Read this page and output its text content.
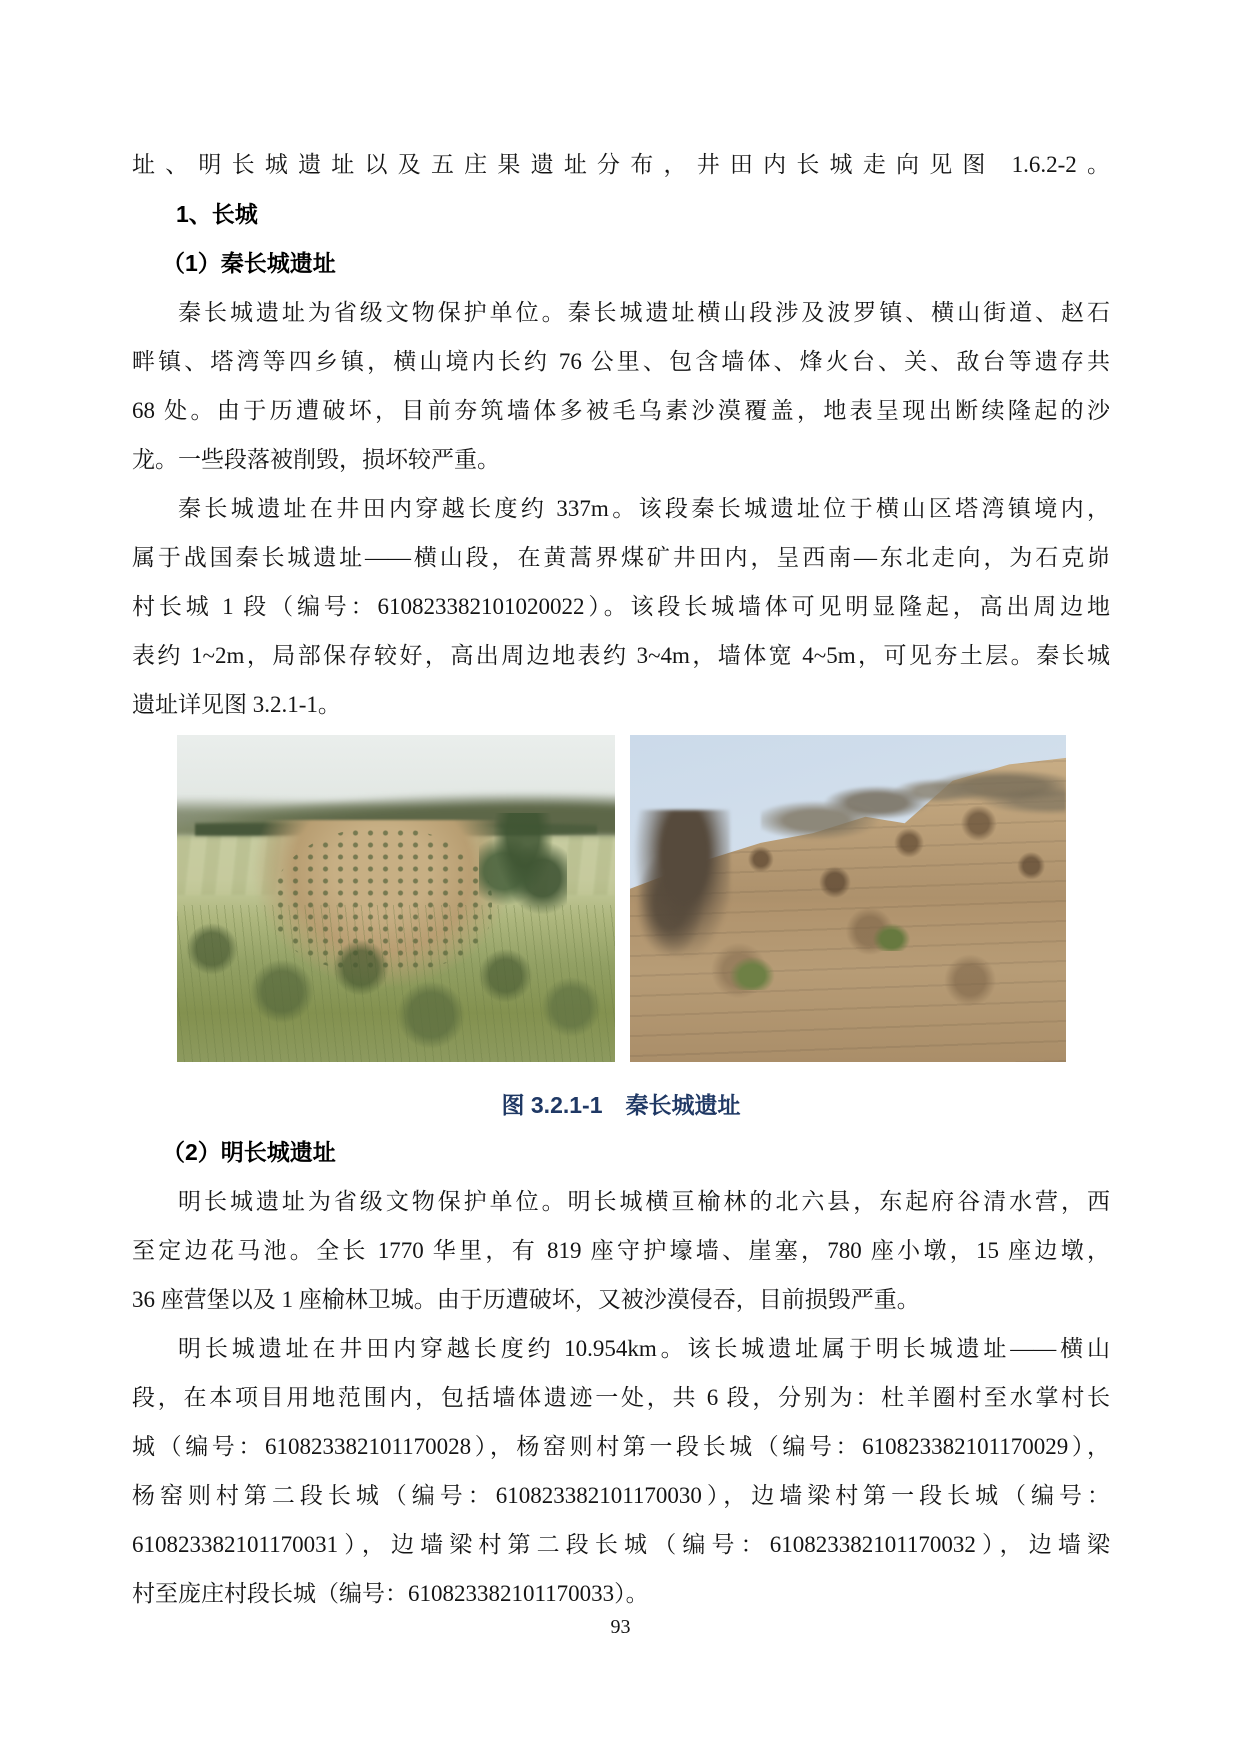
址、明长城遗址以及五庄果遗址分布，井田内长城走向见图 1.6.2-2。
1、长城
（1）秦长城遗址
秦长城遗址为省级文物保护单位。秦长城遗址横山段涉及波罗镇、横山街道、赵石
畔镇、塔湾等四乡镇，横山境内长约 76 公里、包含墙体、烽火台、关、敌台等遗存共
68 处。由于历遭破坏，目前夯筑墙体多被毛乌素沙漠覆盖，地表呈现出断续隆起的沙
龙。一些段落被削毁，损坏较严重。
秦长城遗址在井田内穿越长度约 337m。该段秦长城遗址位于横山区塔湾镇境内，
属于战国秦长城遗址——横山段，在黄蒿界煤矿井田内，呈西南—东北走向，为石克峁
村长城 1 段（编号：610823382101020022）。该段长城墙体可见明显隆起，高出周边地
表约 1~2m，局部保存较好，高出周边地表约 3~4m，墙体宽 4~5m，可见夯土层。秦长城
遗址详见图 3.2.1-1。
图 3.2.1-1　秦长城遗址
（2）明长城遗址
明长城遗址为省级文物保护单位。明长城横亘榆林的北六县，东起府谷清水营，西
至定边花马池。全长 1770 华里，有 819 座守护壕墙、崖塞，780 座小墩，15 座边墩，
36 座营堡以及 1 座榆林卫城。由于历遭破坏，又被沙漠侵吞，目前损毁严重。
明长城遗址在井田内穿越长度约 10.954km。该长城遗址属于明长城遗址——横山
段，在本项目用地范围内，包括墙体遗迹一处，共 6 段，分别为：杜羊圈村至水掌村长
城（编号：610823382101170028），杨窑则村第一段长城（编号：610823382101170029），
杨窑则村第二段长城（编号：610823382101170030），边墙梁村第一段长城（编号：
610823382101170031），边墙梁村第二段长城（编号：610823382101170032），边墙梁
村至庞庄村段长城（编号：610823382101170033）。
93
